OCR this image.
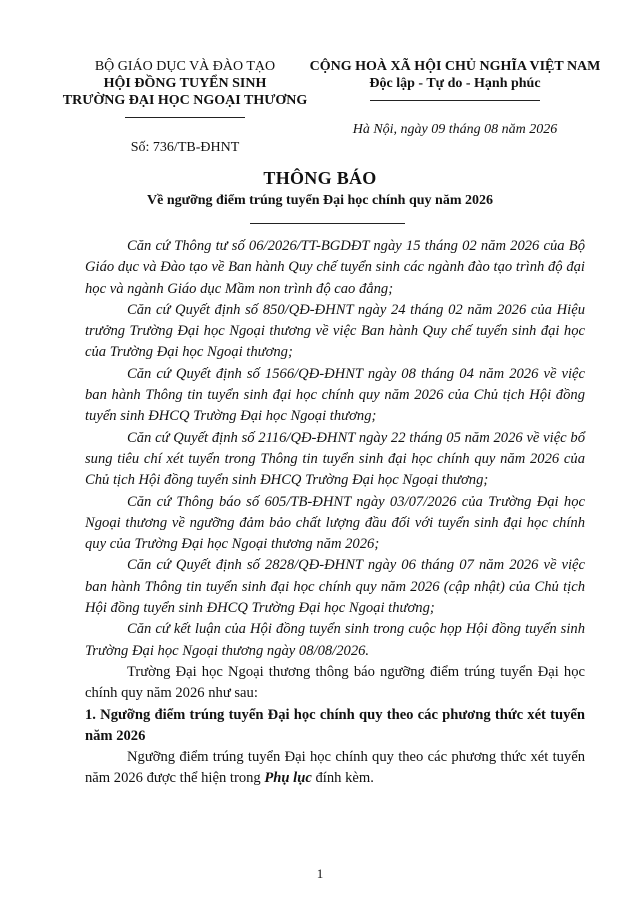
BỘ GIÁO DỤC VÀ ĐÀO TẠO
HỘI ĐỒNG TUYỂN SINH
TRƯỜNG ĐẠI HỌC NGOẠI THƯƠNG
Số: 736/TB-ĐHNT
CỘNG HOÀ XÃ HỘI CHỦ NGHĨA VIỆT NAM
Độc lập - Tự do - Hạnh phúc
Hà Nội, ngày 09 tháng 08 năm 2026
THÔNG BÁO
Về ngưỡng điểm trúng tuyển Đại học chính quy năm 2026

Căn cứ Thông tư số 06/2026/TT-BGDĐT ngày 15 tháng 02 năm 2026 của Bộ Giáo dục và Đào tạo về Ban hành Quy chế tuyển sinh các ngành đào tạo trình độ đại học và ngành Giáo dục Mầm non trình độ cao đẳng;

Căn cứ Quyết định số 850/QĐ-ĐHNT ngày 24 tháng 02 năm 2026 của Hiệu trưởng Trường Đại học Ngoại thương về việc Ban hành Quy chế tuyển sinh đại học của Trường Đại học Ngoại thương;

Căn cứ Quyết định số 1566/QĐ-ĐHNT ngày 08 tháng 04 năm 2026 về việc ban hành Thông tin tuyển sinh đại học chính quy năm 2026 của Chủ tịch Hội đồng tuyển sinh ĐHCQ Trường Đại học Ngoại thương;

Căn cứ Quyết định số 2116/QĐ-ĐHNT ngày 22 tháng 05 năm 2026 về việc bổ sung tiêu chí xét tuyển trong Thông tin tuyển sinh đại học chính quy năm 2026 của Chủ tịch Hội đồng tuyển sinh ĐHCQ Trường Đại học Ngoại thương;

Căn cứ Thông báo số 605/TB-ĐHNT ngày 03/07/2026 của Trường Đại học Ngoại thương về ngưỡng đảm bảo chất lượng đầu đối với tuyển sinh đại học chính quy của Trường Đại học Ngoại thương năm 2026;

Căn cứ Quyết định số 2828/QĐ-ĐHNT ngày 06 tháng 07 năm 2026 về việc ban hành Thông tin tuyển sinh đại học chính quy năm 2026 (cập nhật) của Chủ tịch Hội đồng tuyển sinh ĐHCQ Trường Đại học Ngoại thương;

Căn cứ kết luận của Hội đồng tuyển sinh trong cuộc họp Hội đồng tuyển sinh Trường Đại học Ngoại thương ngày 08/08/2026.

Trường Đại học Ngoại thương thông báo ngưỡng điểm trúng tuyển Đại học chính quy năm 2026 như sau:

1. Ngưỡng điểm trúng tuyển Đại học chính quy theo các phương thức xét tuyển năm 2026

Ngưỡng điểm trúng tuyển Đại học chính quy theo các phương thức xét tuyển năm 2026 được thể hiện trong Phụ lục đính kèm.

1
